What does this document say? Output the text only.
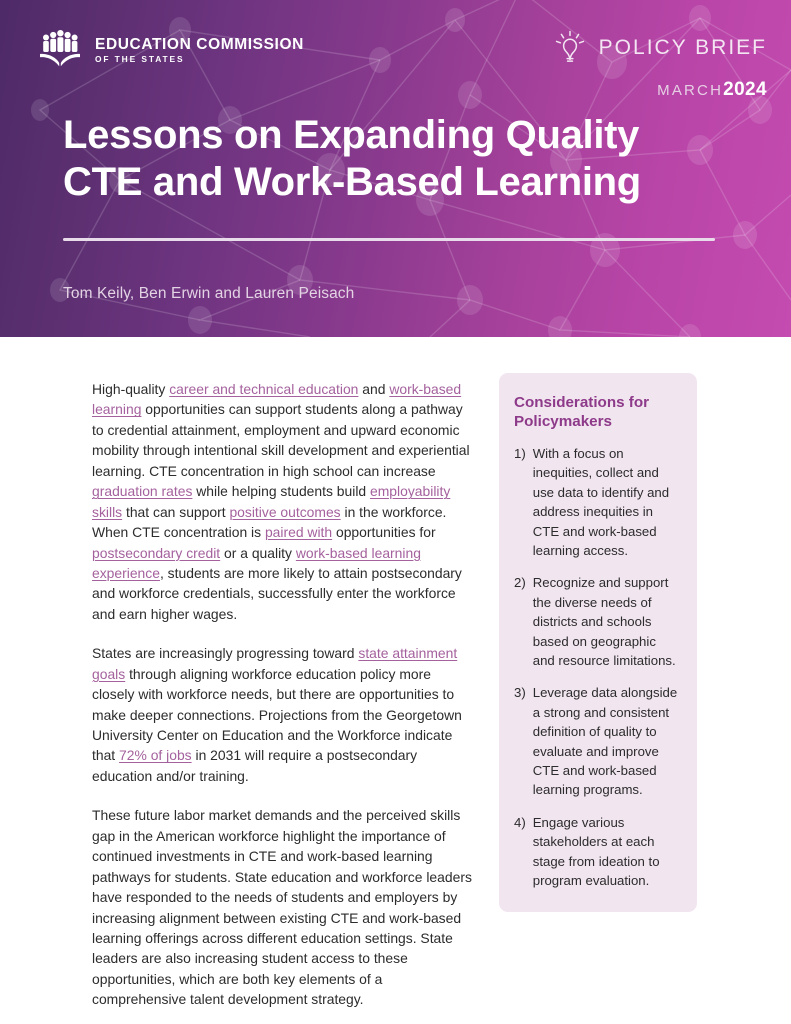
EDUCATION COMMISSION
OF THE STATES
POLICY BRIEF
MARCH2024
Lessons on Expanding Quality
CTE and Work-Based Learning
Tom Keily, Ben Erwin and Lauren Peisach

High-quality career and technical education and work-based learning opportunities can support students along a pathway to credential attainment, employment and upward economic mobility through intentional skill development and experiential learning. CTE concentration in high school can increase graduation rates while helping students build employability skills that can support positive outcomes in the workforce. When CTE concentration is paired with opportunities for postsecondary credit or a quality work-based learning experience, students are more likely to attain postsecondary and workforce credentials, successfully enter the workforce and earn higher wages.

States are increasingly progressing toward state attainment goals through aligning workforce education policy more closely with workforce needs, but there are opportunities to make deeper connections. Projections from the Georgetown University Center on Education and the Workforce indicate that 72% of jobs in 2031 will require a postsecondary education and/or training.

These future labor market demands and the perceived skills gap in the American workforce highlight the importance of continued investments in CTE and work-based learning pathways for students. State education and workforce leaders have responded to the needs of students and employers by increasing alignment between existing CTE and work-based learning offerings across different education settings. State leaders are also increasing student access to these opportunities, which are both key elements of a comprehensive talent development strategy.

Considerations for Policymakers
1) With a focus on inequities, collect and use data to identify and address inequities in CTE and work-based learning access.
2) Recognize and support the diverse needs of districts and schools based on geographic and resource limitations.
3) Leverage data alongside a strong and consistent definition of quality to evaluate and improve CTE and work-based learning programs.
4) Engage various stakeholders at each stage from ideation to program evaluation.
